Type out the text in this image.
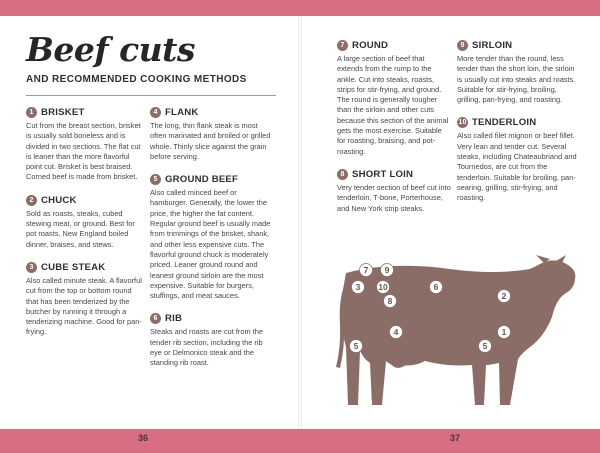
Beef cuts
AND RECOMMENDED COOKING METHODS
1 BRISKET

Cut from the breast section, brisket is usually sold boneless and is divided in two sections. The flat cut is leaner than the more flavorful point cut. Brisket is best braised. Corned beef is made from brisket.

2 CHUCK

Sold as roasts, steaks, cubed stewing meat, or ground. Best for pot roasts, New England boiled dinner, braises, and stews.

3 CUBE STEAK

Also called minute steak. A flavorful cut from the top or bottom round that has been tenderized by the butcher by running it through a tenderizing machine. Good for pan-frying.

4 FLANK

The long, thin flank steak is most often marinated and broiled or grilled whole. Thinly slice against the grain before serving.

5 GROUND BEEF

Also called minced beef or hamburger. Generally, the lower the price, the higher the fat content. Regular ground beef is usually made from trimmings of the brisket, shank, and other less expensive cuts. The flavorful ground chuck is moderately priced. Leaner ground round and leanest ground sirloin are the most expensive. Suitable for burgers, stuffings, and meat sauces.

6 RIB

Steaks and roasts are cut from the tender rib section, including the rib eye or Delmonico steak and the standing rib roast.

7 ROUND

A large section of beef that extends from the rump to the ankle. Cut into steaks, roasts, strips for stir-frying, and ground. The round is generally tougher than the sirloin and other cuts because this section of the animal gets the most exercise. Suitable for roasting, braising, and pot-roasting.

8 SHORT LOIN

Very tender section of beef cut into tenderloin, T-bone, Porterhouse, and New York strip steaks.

9 SIRLOIN

More tender than the round, less tender than the short loin, the sirloin is usually cut into steaks and roasts. Suitable for stir-frying, broiling, grilling, pan-frying, and roasting.

10 TENDERLOIN

Also called filet mignon or beef fillet. Very lean and tender cut. Several steaks, including Chateaubriand and Tournedos, are cut from the tenderloin. Suitable for broiling, pan-searing, grilling, stir-frying, and roasting.

7 9
3 10
8
6
2
4	1
5
5
36	37
